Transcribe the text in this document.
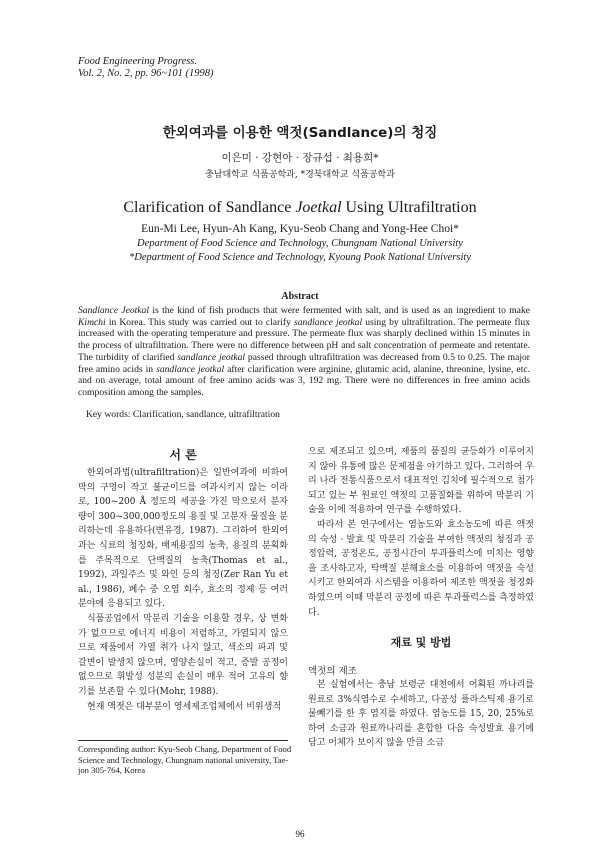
Food Engineering Progress.
Vol. 2, No. 2, pp. 96~101 (1998)
한외여과를 이용한 액젓(Sandlance)의 청징
이은미 · 강현아 · 장규섭 · 최용희*
충남대학교 식품공학과, *경북대학교 식품공학과
Clarification of Sandlance Joetkal Using Ultrafiltration
Eun-Mi Lee, Hyun-Ah Kang, Kyu-Seob Chang and Yong-Hee Choi*
Department of Food Science and Technology, Chungnam National University
*Department of Food Science and Technology, Kyoung Pook National University
Abstract

Sandlance Jeotkal is the kind of fish products that were fermented with salt, and is used as an ingredient to make Kimchi in Korea. This study was carried out to clarify sandlance jeotkal using by ultrafiltration. The permeate flux increased with the operating temperature and pressure. The permeate flux was sharply declined within 15 minutes in the process of ultrafiltration. There were no difference between pH and salt concentration of permeate and retentate. The turbidity of clarified sandlance jeotkal passed through ultrafiltration was decreased from 0.5 to 0.25. The major free amino acids in sandlance jeotkal after clarification were arginine, glutamic acid, alanine, threonine, lysine, etc. and on average, total amount of free amino acids was 3, 192 mg. There were no differences in free amino acids composition among the samples.

Key words: Clarification, sandlance, ultrafiltration
서 론

한외여과법(ultrafiltration)은 일반여과에 비하여 막의 구멍이 작고 불균이드를 여과시키지 않는 이라로, 100~200 Å 정도의 세공을 가진 막으로서 분자량이 300~300,000정도의 용질 및 고분자 물질을 분리하는데 유용하다(변유경, 1987). 그리하여 한외여과는 식료의 청징화, 배제용질의 농축, 용질의 분획화를 주목적으로 단백질의 농축(Thomas et al., 1992), 과일주스 및 와인 등의 청징(Zer Ran Yu et al., 1986), 폐수 중 오염 회수, 효소의 정제 등 여러 분야에 응용되고 있다.

식품공업에서 막분리 기술을 이용할 경우, 상 변화가 없으므로 에너지 비용이 저렴하고, 가열되지 않으므로 제품에서 가열 취가 나지 않고, 색소의 파괴 및 갈변이 발생치 않으며, 영양손실이 적고, 증발 공정이 없으므로 휘발성 성분의 손실이 매우 적어 고유의 향기를 보존할 수 있다(Mohr, 1988).

현재 액젓은 대부분이 영세제조업체에서 비위생적

으로 제조되고 있으며, 제품의 품질의 균등화가 이루어지지 않아 유통에 많은 문제점을 야기하고 있다. 그러하여 우리 나라 전통식품으로서 대표적인 김치에 필수적으로 첨가되고 있는 부 원료인 액젓의 고품질화를 위하여 막분리 기술을 이에 적용하여 연구를 수행하였다.

따라서 본 연구에서는 염농도와 효소농도에 따른 액젓의 숙성 · 발효 및 막분리 기술을 부여한 액젓의 청징과 공정압력, 공정온도, 공정시간이 투과플럭스에 미치는 영향을 조사하고자, 탁백질 분해효소를 이용하여 액젓을 숙성시키고 한외여과 시스템을 이용하여 제조한 액젓을 청징화하였으며 이때 막분리 공정에 따른 투과플럭스를 측정하였다.

재료 및 방법
액젓의 제조

본 실험에서는 충남 보령군 대천에서 어획된 까나리를 원료로 3%식염수로 수세하고, 다공성 플라스틱제 용기로 물빼기를 한 후 염지를 하였다. 염농도를 15, 20, 25%로 하여 소금과 원료까나리를 혼합한 다음 숙성발효 용기에 담고 어체가 보이지 않을 만큼 소금

Corresponding author: Kyu-Seob Chang, Department of Food
Science and Technology, Chungnam national university, Tae-
jon 305-764, Korea
96
